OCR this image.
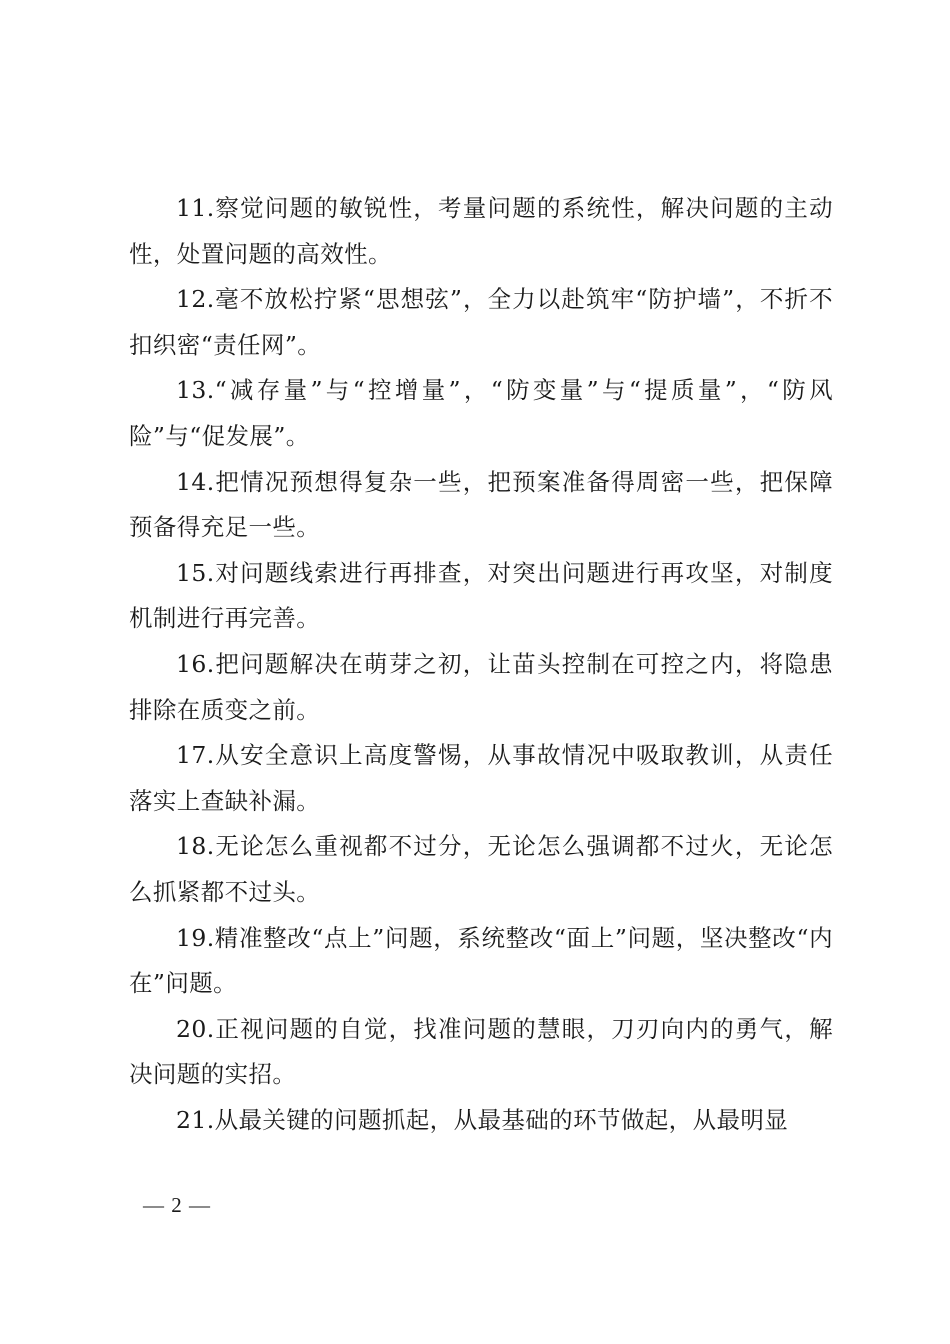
11.察觉问题的敏锐性，考量问题的系统性，解决问题的主动性，处置问题的高效性。

12.毫不放松拧紧“思想弦”，全力以赴筑牢“防护墙”，不折不扣织密“责任网”。

13.“减存量”与“控增量”，“防变量”与“提质量”，“防风险”与“促发展”。

14.把情况预想得复杂一些，把预案准备得周密一些，把保障预备得充足一些。

15.对问题线索进行再排查，对突出问题进行再攻坚，对制度机制进行再完善。

16.把问题解决在萌芽之初，让苗头控制在可控之内，将隐患排除在质变之前。

17.从安全意识上高度警惕，从事故情况中吸取教训，从责任落实上查缺补漏。

18.无论怎么重视都不过分，无论怎么强调都不过火，无论怎么抓紧都不过头。

19.精准整改“点上”问题，系统整改“面上”问题，坚决整改“内在”问题。

20.正视问题的自觉，找准问题的慧眼，刀刃向内的勇气，解决问题的实招。

21.从最关键的问题抓起，从最基础的环节做起，从最明显

— 2 —
